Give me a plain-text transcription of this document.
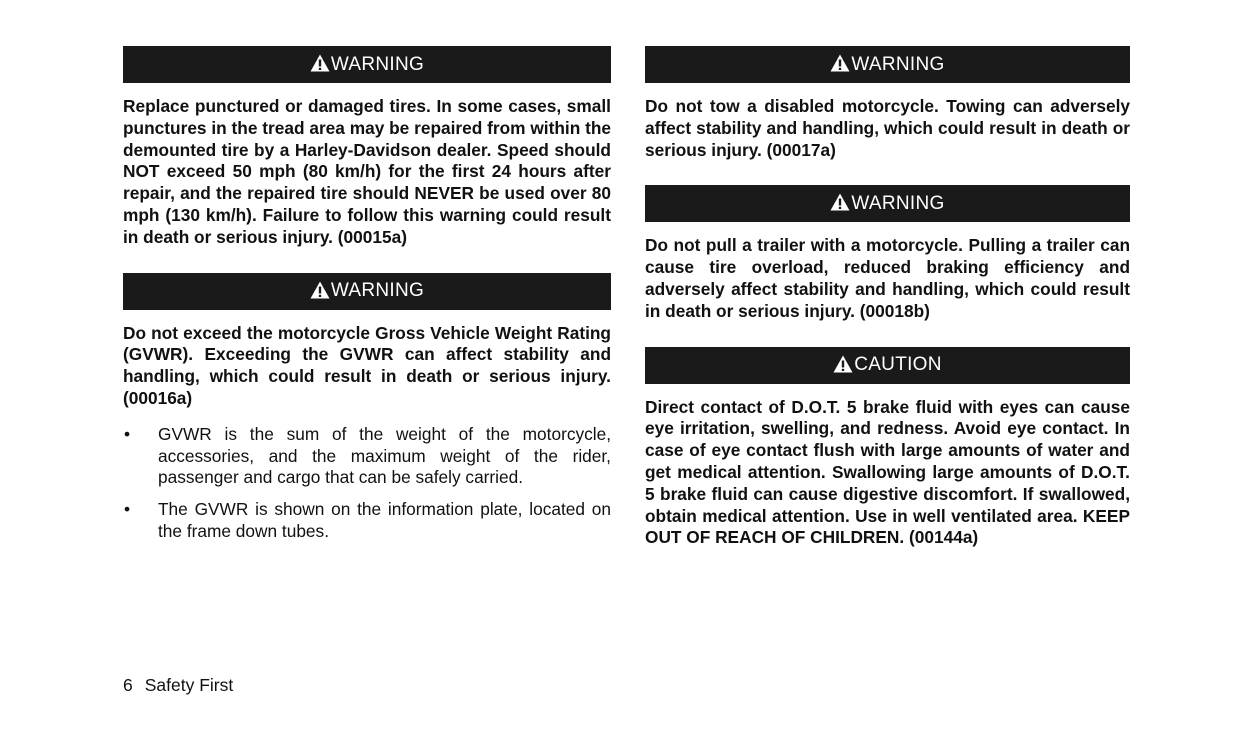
WARNING

Replace punctured or damaged tires. In some cases, small punctures in the tread area may be repaired from within the demounted tire by a Harley-Davidson dealer. Speed should NOT exceed 50 mph (80 km/h) for the first 24 hours after repair, and the repaired tire should NEVER be used over 80 mph (130 km/h). Failure to follow this warning could result in death or serious injury. (00015a)

WARNING

Do not exceed the motorcycle Gross Vehicle Weight Rating (GVWR). Exceeding the GVWR can affect stability and handling, which could result in death or serious injury. (00016a)

• GVWR is the sum of the weight of the motorcycle, accessories, and the maximum weight of the rider, passenger and cargo that can be safely carried.
• The GVWR is shown on the information plate, located on the frame down tubes.
WARNING

Do not tow a disabled motorcycle. Towing can adversely affect stability and handling, which could result in death or serious injury. (00017a)

WARNING

Do not pull a trailer with a motorcycle. Pulling a trailer can cause tire overload, reduced braking efficiency and adversely affect stability and handling, which could result in death or serious injury. (00018b)

CAUTION

Direct contact of D.O.T. 5 brake fluid with eyes can cause eye irritation, swelling, and redness. Avoid eye contact. In case of eye contact flush with large amounts of water and get medical attention. Swallowing large amounts of D.O.T. 5 brake fluid can cause digestive discomfort. If swallowed, obtain medical attention. Use in well ventilated area. KEEP OUT OF REACH OF CHILDREN. (00144a)

6 Safety First
